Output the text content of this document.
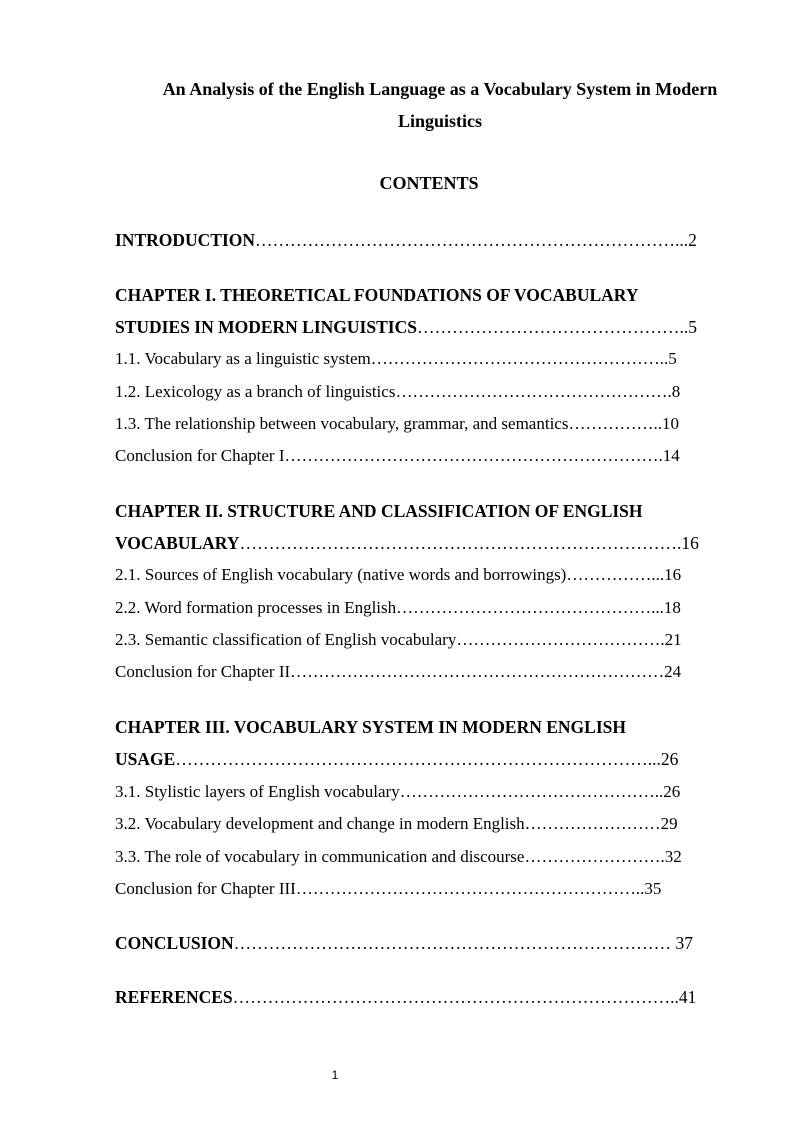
An Analysis of the English Language as a Vocabulary System in Modern
Linguistics
CONTENTS
INTRODUCTION………………………………………………………………...2
CHAPTER I. THEORETICAL FOUNDATIONS OF VOCABULARY
STUDIES IN MODERN LINGUISTICS………………………………………..5
1.1. Vocabulary as a linguistic system……………………………………………..5
1.2. Lexicology as a branch of linguistics………………………………………….8
1.3. The relationship between vocabulary, grammar, and semantics……………..10
Conclusion for Chapter I………………………………………………………….14
CHAPTER II. STRUCTURE AND CLASSIFICATION OF ENGLISH
VOCABULARY………………………………………………………………….16
2.1. Sources of English vocabulary (native words and borrowings)……………...16
2.2. Word formation processes in English………………………………………...18
2.3. Semantic classification of English vocabulary……………………………….21
Conclusion for Chapter II…………………………………………………………24
CHAPTER III. VOCABULARY SYSTEM IN MODERN ENGLISH
USAGE………………………………………………………………………...26
3.1. Stylistic layers of English vocabulary………………………………………..26
3.2. Vocabulary development and change in modern English……………………29
3.3. The role of vocabulary in communication and discourse…………………….32
Conclusion for Chapter III……………………………………………………..35
CONCLUSION………………………………………………………………… 37
REFERENCES…………………………………………………………………..41
1
